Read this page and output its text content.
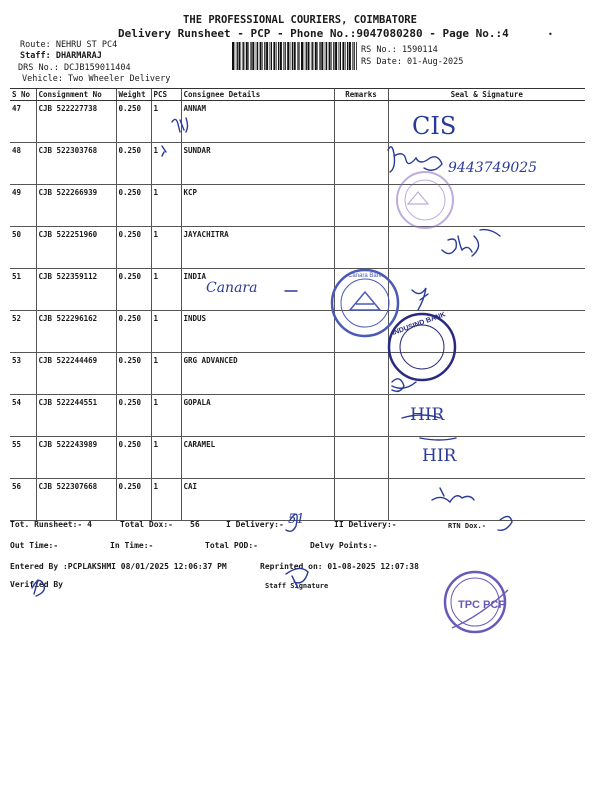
THE PROFESSIONAL COURIERS, COIMBATORE
Delivery Runsheet - PCP - Phone No.:9047080280 - Page No.:4
Route: NEHRU ST PC4
Staff: DHARMARAJ
DRS No.: DCJB159011404
Vehicle: Two Wheeler Delivery
RS No.: 1590114
RS Date: 01-Aug-2025
•
S No	Consignment No	Weight	PCS	Consignee Details	Remarks	Seal & Signature
47	CJB 522227738	0.250	1	ANNAM		
48	CJB 522303768	0.250	1	SUNDAR		
49	CJB 522266939	0.250	1	KCP		
50	CJB 522251960	0.250	1	JAYACHITRA		
51	CJB 522359112	0.250	1	INDIA		
52	CJB 522296162	0.250	1	INDUS		
53	CJB 522244469	0.250	1	GRG ADVANCED		
54	CJB 522244551	0.250	1	GOPALA		
55	CJB 522243989	0.250	1	CARAMEL		
56	CJB 522307668	0.250	1	CAI		
Tot. Runsheet:- 4	Total Dox:- 56	I Delivery:-	II Delivery:-	RTN Dox.-
Out Time:-	In Time:-	Total POD:-	Delvy Points:-
Entered By :PCPLAKSHMI 08/01/2025 12:06:37 PM	Reprinted on: 01-08-2025 12:07:38
Verified By	Staff Signature
CIS
9443749025
Canara
HIR
HIR
51
Canara Bank
INDUSIND BANK
TPC PCP
